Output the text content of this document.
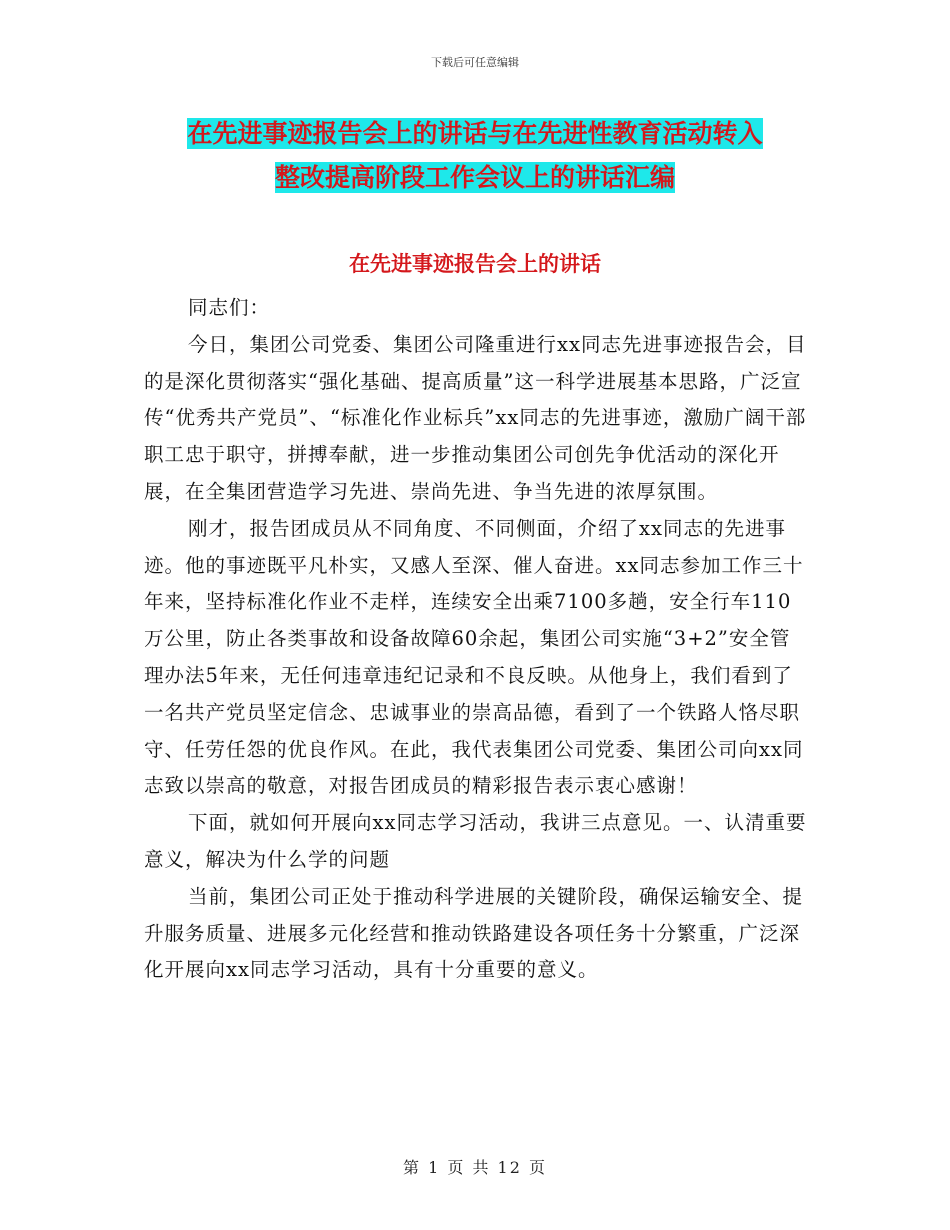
下载后可任意编辑
在先进事迹报告会上的讲话与在先进性教育活动转入
整改提高阶段工作会议上的讲话汇编
在先进事迹报告会上的讲话

同志们：

今日，集团公司党委、集团公司隆重进行xx同志先进事迹报告会，目的是深化贯彻落实“强化基础、提高质量”这一科学进展基本思路，广泛宣传“优秀共产党员”、“标准化作业标兵”xx同志的先进事迹，激励广阔干部职工忠于职守，拼搏奉献，进一步推动集团公司创先争优活动的深化开展，在全集团营造学习先进、崇尚先进、争当先进的浓厚氛围。

刚才，报告团成员从不同角度、不同侧面，介绍了xx同志的先进事迹。他的事迹既平凡朴实，又感人至深、催人奋进。xx同志参加工作三十年来，坚持标准化作业不走样，连续安全出乘7100多趟，安全行车110万公里，防止各类事故和设备故障60余起，集团公司实施“3+2”安全管理办法5年来，无任何违章违纪记录和不良反映。从他身上，我们看到了一名共产党员坚定信念、忠诚事业的崇高品德，看到了一个铁路人恪尽职守、任劳任怨的优良作风。在此，我代表集团公司党委、集团公司向xx同志致以崇高的敬意，对报告团成员的精彩报告表示衷心感谢！

下面，就如何开展向xx同志学习活动，我讲三点意见。一、认清重要意义，解决为什么学的问题

当前，集团公司正处于推动科学进展的关键阶段，确保运输安全、提升服务质量、进展多元化经营和推动铁路建设各项任务十分繁重，广泛深化开展向xx同志学习活动，具有十分重要的意义。

第 1 页 共 12 页
